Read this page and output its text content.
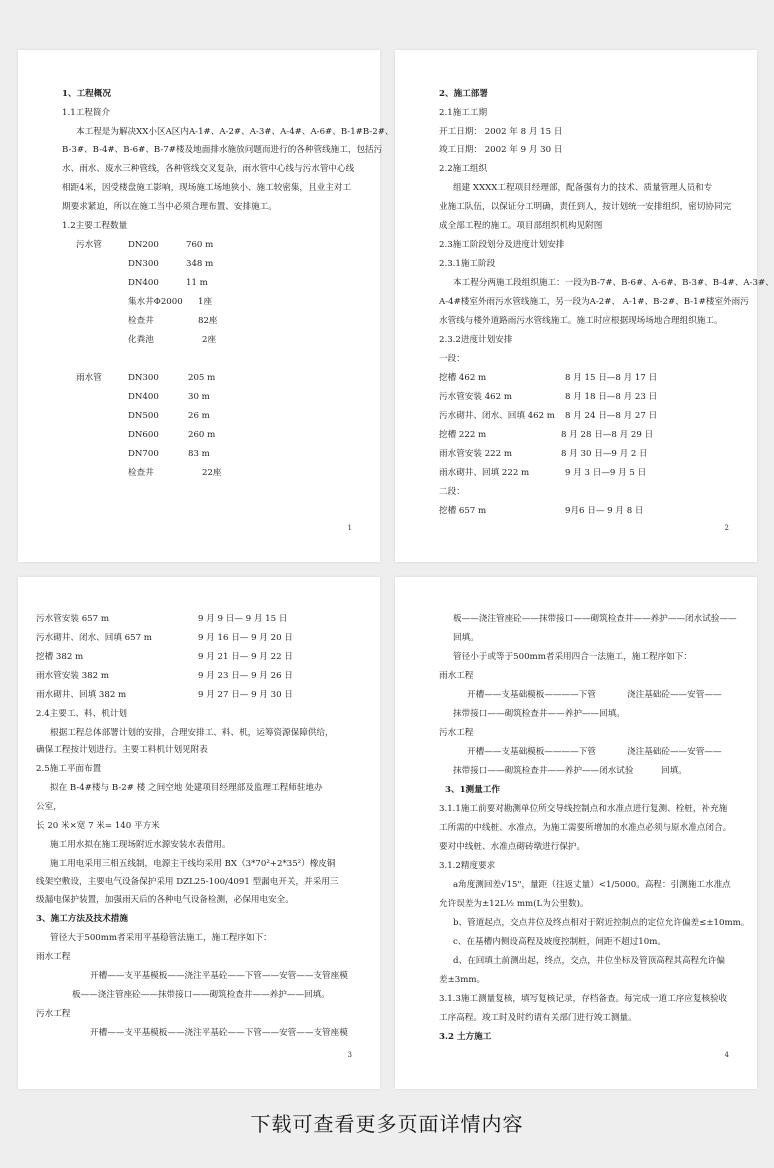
1、工程概况
1.1工程简介
本工程是为解决XX小区A区内A-1#、A-2#、A-3#、A-4#、A-6#、B-1#B-2#、
B-3#、B-4#、B-6#、B-7#楼及地面排水施放问题而进行的各种管线施工，包括污
水、雨水、废水三种管线，各种管线交叉复杂，雨水管中心线与污水管中心线
相距4米，因受楼盘施工影响，现场施工场地狭小、施工较密集，且业主对工
期要求紧迫，所以在施工当中必须合理布置、安排施工。
1.2主要工程数量
污水管	DN200	760 m
DN300	348 m
DN400	11 m
集水井Φ2000 1座
检查井	82座
化粪池	2座
雨水管	DN300	205 m
DN400	30 m
DN500	26 m
DN600	260 m
DN700	83 m
检查井	22座
1
2、施工部署
2.1施工工期
开工日期： 2002 年 8 月 15 日
竣工日期： 2002 年 9 月 30 日
2.2施工组织
组建 XXXX工程项目经理部，配备强有力的技术、质量管理人员和专
业施工队伍，以保证分工明确，责任到人，按计划统一安排组织，密切协同完
成全部工程的施工。项目部组织机构见附图
2.3施工阶段划分及进度计划安排
2.3.1施工阶段
本工程分两施工段组织施工：一段为B-7#、B-6#、A-6#、B-3#、B-4#、A-3#、
A-4#楼室外雨污水管线施工，另一段为A-2#、 A-1#、B-2#、B-1#楼室外雨污
水管线与楼外道路雨污水管线施工。施工时应根据现场场地合理组织施工。
2.3.2进度计划安排
一段：
挖槽 462 m	8 月 15 日—8 月 17 日
污水管安装 462 m	8 月 18 日—8 月 23 日
污水砌井、闭水、回填 462 m 8 月 24 日—8 月 27 日
挖槽 222 m	8 月 28 日—8 月 29 日
雨水管安装 222 m	8 月 30 日—9 月 2 日
雨水砌井、回填 222 m	9 月 3 日—9 月 5 日
二段：
挖槽 657 m	9月6 日— 9 月 8 日
2
污水管安装 657 m	9 月 9 日— 9 月 15 日
污水砌井、闭水、回填 657 m	9 月 16 日— 9 月 20 日
挖槽 382 m	9 月 21 日— 9 月 22 日
雨水管安装 382 m	9 月 23 日— 9 月 26 日
雨水砌井、回填 382 m	9 月 27 日— 9 月 30 日
2.4主要工、料、机计划
根据工程总体部署计划的安排，合理安排工、料、机，运筹资源保障供给，
确保工程按计划进行。主要工料机计划见附表
2.5施工平面布置
拟在 B-4#楼与 B-2# 楼 之间空地 处建项目经理部及监理工程师驻地办
公室，
长 20 米×宽 7 米= 140 平方米
施工用水拟在施工现场附近水源安装水表借用。
施工用电采用三相五线制，电源主干线均采用 BX（3*70²+2*35²）橡皮铜
线架空敷设，主要电气设备保护采用 DZL25-100/4091 型漏电开关，并采用三
级漏电保护装置，加强雨天后的各种电气设备检测，必保用电安全。
3、施工方法及技术措施
管径大于500mm者采用平基稳管法施工，施工程序如下：
雨水工程
开槽——支平基模板——浇注平基砼——下管——安管——支管座模
板——浇注管座砼——抹带接口——砌筑检查井——养护——回填。
污水工程
开槽——支平基模板——浇注平基砼——下管——安管——支管座模
3
板——浇注管座砼——抹带接口——砌筑检查井——养护——闭水试验——
回填。
管径小于或等于500mm者采用四合一法施工，施工程序如下：
雨水工程
开槽——支基础模板————下管	浇注基础砼——安管——
抹带接口——砌筑检查井——养护——回填。
污水工程
开槽——支基础模板————下管	浇注基础砼——安管——
抹带接口——砌筑检查井——养护——闭水试验	回填。
3、1测量工作
3.1.1施工前要对勘测单位所交导线控制点和水准点进行复测、栓桩，补充施
工所需的中线桩、水准点，为施工需要所增加的水准点必须与原水准点闭合。
要对中线桩、水准点砌砖墩进行保护。
3.1.2精度要求
a角度测回差√15"，量距（往返丈量）<1/5000。高程：引测施工水准点
允许误差为±12L½ mm(L为公里数)。
b、管道起点，交点井位及终点相对于附近控制点的定位允许偏差≤±10mm。
c、在基槽内侧设高程及坡度控制桩，间距不超过10m。
d、在回填土前测出起，终点，交点，井位坐标及管顶高程其高程允许偏
差±3mm。
3.1.3施工测量复核，填写复核记录，存档备查。每完成一道工序应复核验收
工序高程。竣工时及时约请有关部门进行竣工测量。
3.2 土方施工
4
下载可查看更多页面详情内容
